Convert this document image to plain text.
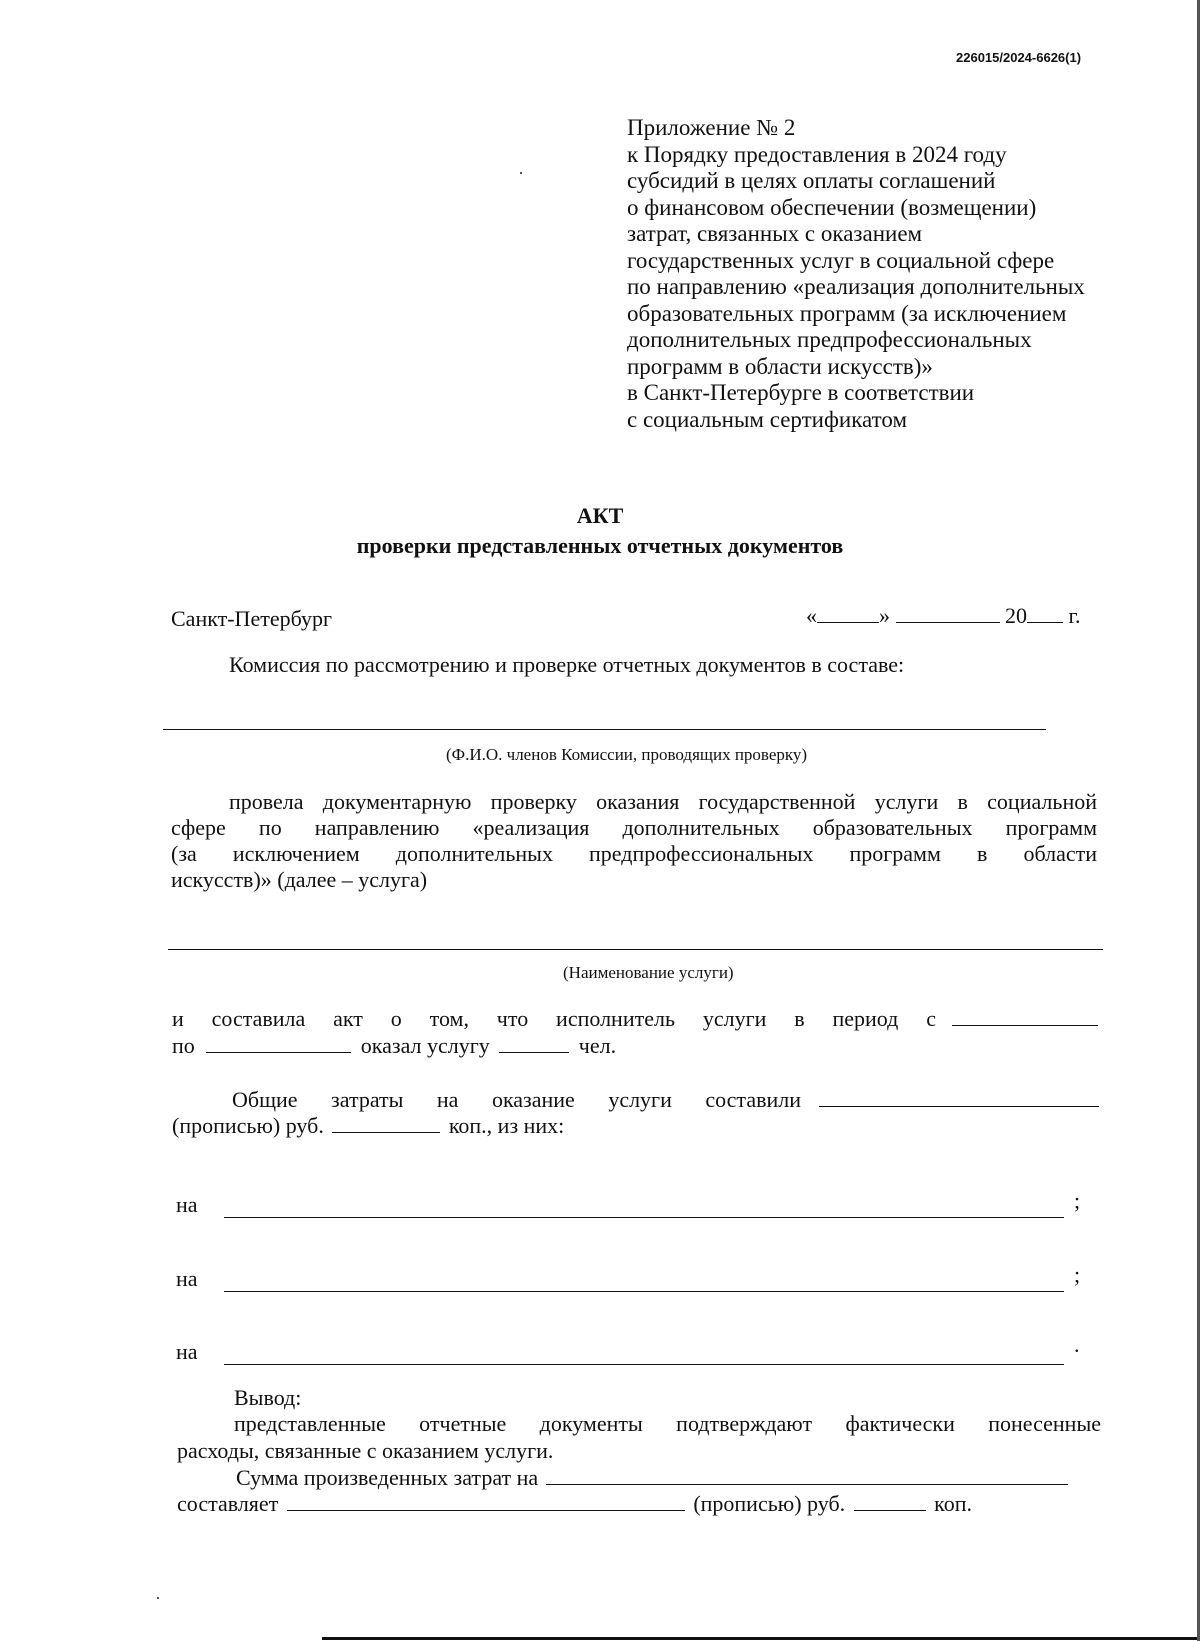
226015/2024-6626(1)
Приложение № 2
к Порядку предоставления в 2024 году
субсидий в целях оплаты соглашений
о финансовом обеспечении (возмещении)
затрат, связанных с оказанием
государственных услуг в социальной сфере
по направлению «реализация дополнительных
образовательных программ (за исключением
дополнительных предпрофессиональных
программ в области искусств)»
в Санкт-Петербурге в соответствии
с социальным сертификатом
АКТ
проверки представленных отчетных документов
Санкт-Петербург	«	»	20 г.
Комиссия по рассмотрению и проверке отчетных документов в составе:
(Ф.И.О. членов Комиссии, проводящих проверку)
провела документарную проверку оказания государственной услуги в социальной
сфере по направлению «реализация дополнительных образовательных программ
(за исключением дополнительных предпрофессиональных программ в области
искусств)» (далее – услуга)
(Наименование услуги)
и составила акт о том, что исполнитель услуги в период с
по	оказал услугу	чел.
Общие затраты на оказание услуги составили
(прописью) руб.	коп., из них:
на	;
на	;
на	.
Вывод:
представленные отчетные документы подтверждают фактически понесенные
расходы, связанные с оказанием услуги.
Сумма произведенных затрат на
составляет	(прописью) руб.	коп.
